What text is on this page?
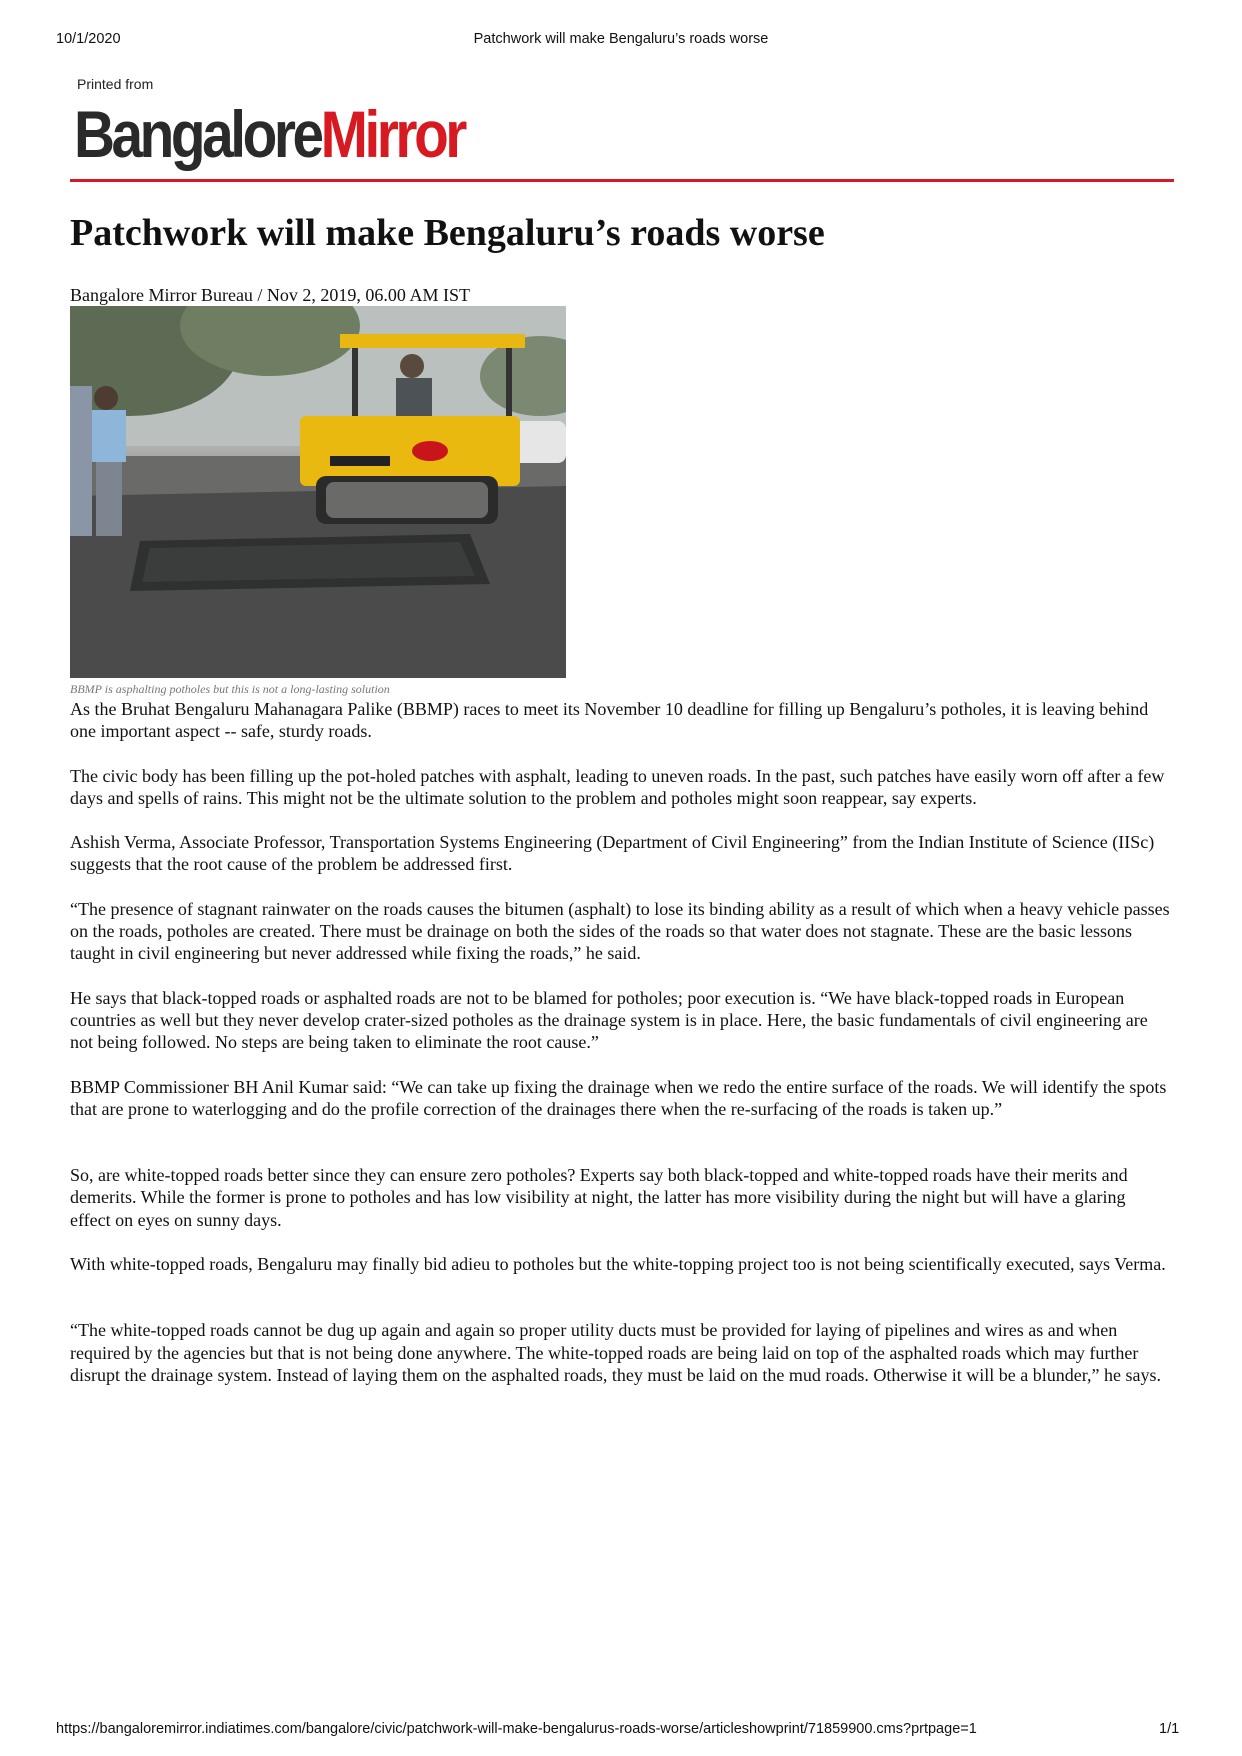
10/1/2020	Patchwork will make Bengaluru’s roads worse
Printed from
BangaloreMirror
Patchwork will make Bengaluru’s roads worse
Bangalore Mirror Bureau / Nov 2, 2019, 06.00 AM IST
BBMP is asphalting potholes but this is not a long-lasting solution

As the Bruhat Bengaluru Mahanagara Palike (BBMP) races to meet its November 10 deadline for filling up Bengaluru’s potholes, it is leaving behind one important aspect -- safe, sturdy roads.

The civic body has been filling up the pot-holed patches with asphalt, leading to uneven roads. In the past, such patches have easily worn off after a few days and spells of rains. This might not be the ultimate solution to the problem and potholes might soon reappear, say experts.

Ashish Verma, Associate Professor, Transportation Systems Engineering (Department of Civil Engineering” from the Indian Institute of Science (IISc) suggests that the root cause of the problem be addressed first.

“The presence of stagnant rainwater on the roads causes the bitumen (asphalt) to lose its binding ability as a result of which when a heavy vehicle passes on the roads, potholes are created. There must be drainage on both the sides of the roads so that water does not stagnate. These are the basic lessons taught in civil engineering but never addressed while fixing the roads,” he said.

He says that black-topped roads or asphalted roads are not to be blamed for potholes; poor execution is. “We have black-topped roads in European countries as well but they never develop crater-sized potholes as the drainage system is in place. Here, the basic fundamentals of civil engineering are not being followed. No steps are being taken to eliminate the root cause.”

BBMP Commissioner BH Anil Kumar said: “We can take up fixing the drainage when we redo the entire surface of the roads. We will identify the spots that are prone to waterlogging and do the profile correction of the drainages there when the re-surfacing of the roads is taken up.”

So, are white-topped roads better since they can ensure zero potholes? Experts say both black-topped and white-topped roads have their merits and demerits. While the former is prone to potholes and has low visibility at night, the latter has more visibility during the night but will have a glaring effect on eyes on sunny days.

With white-topped roads, Bengaluru may finally bid adieu to potholes but the white-topping project too is not being scientifically executed, says Verma.

“The white-topped roads cannot be dug up again and again so proper utility ducts must be provided for laying of pipelines and wires as and when required by the agencies but that is not being done anywhere. The white-topped roads are being laid on top of the asphalted roads which may further disrupt the drainage system. Instead of laying them on the asphalted roads, they must be laid on the mud roads. Otherwise it will be a blunder,” he says.

https://bangaloremirror.indiatimes.com/bangalore/civic/patchwork-will-make-bengalurus-roads-worse/articleshowprint/71859900.cms?prtpage=1	1/1
